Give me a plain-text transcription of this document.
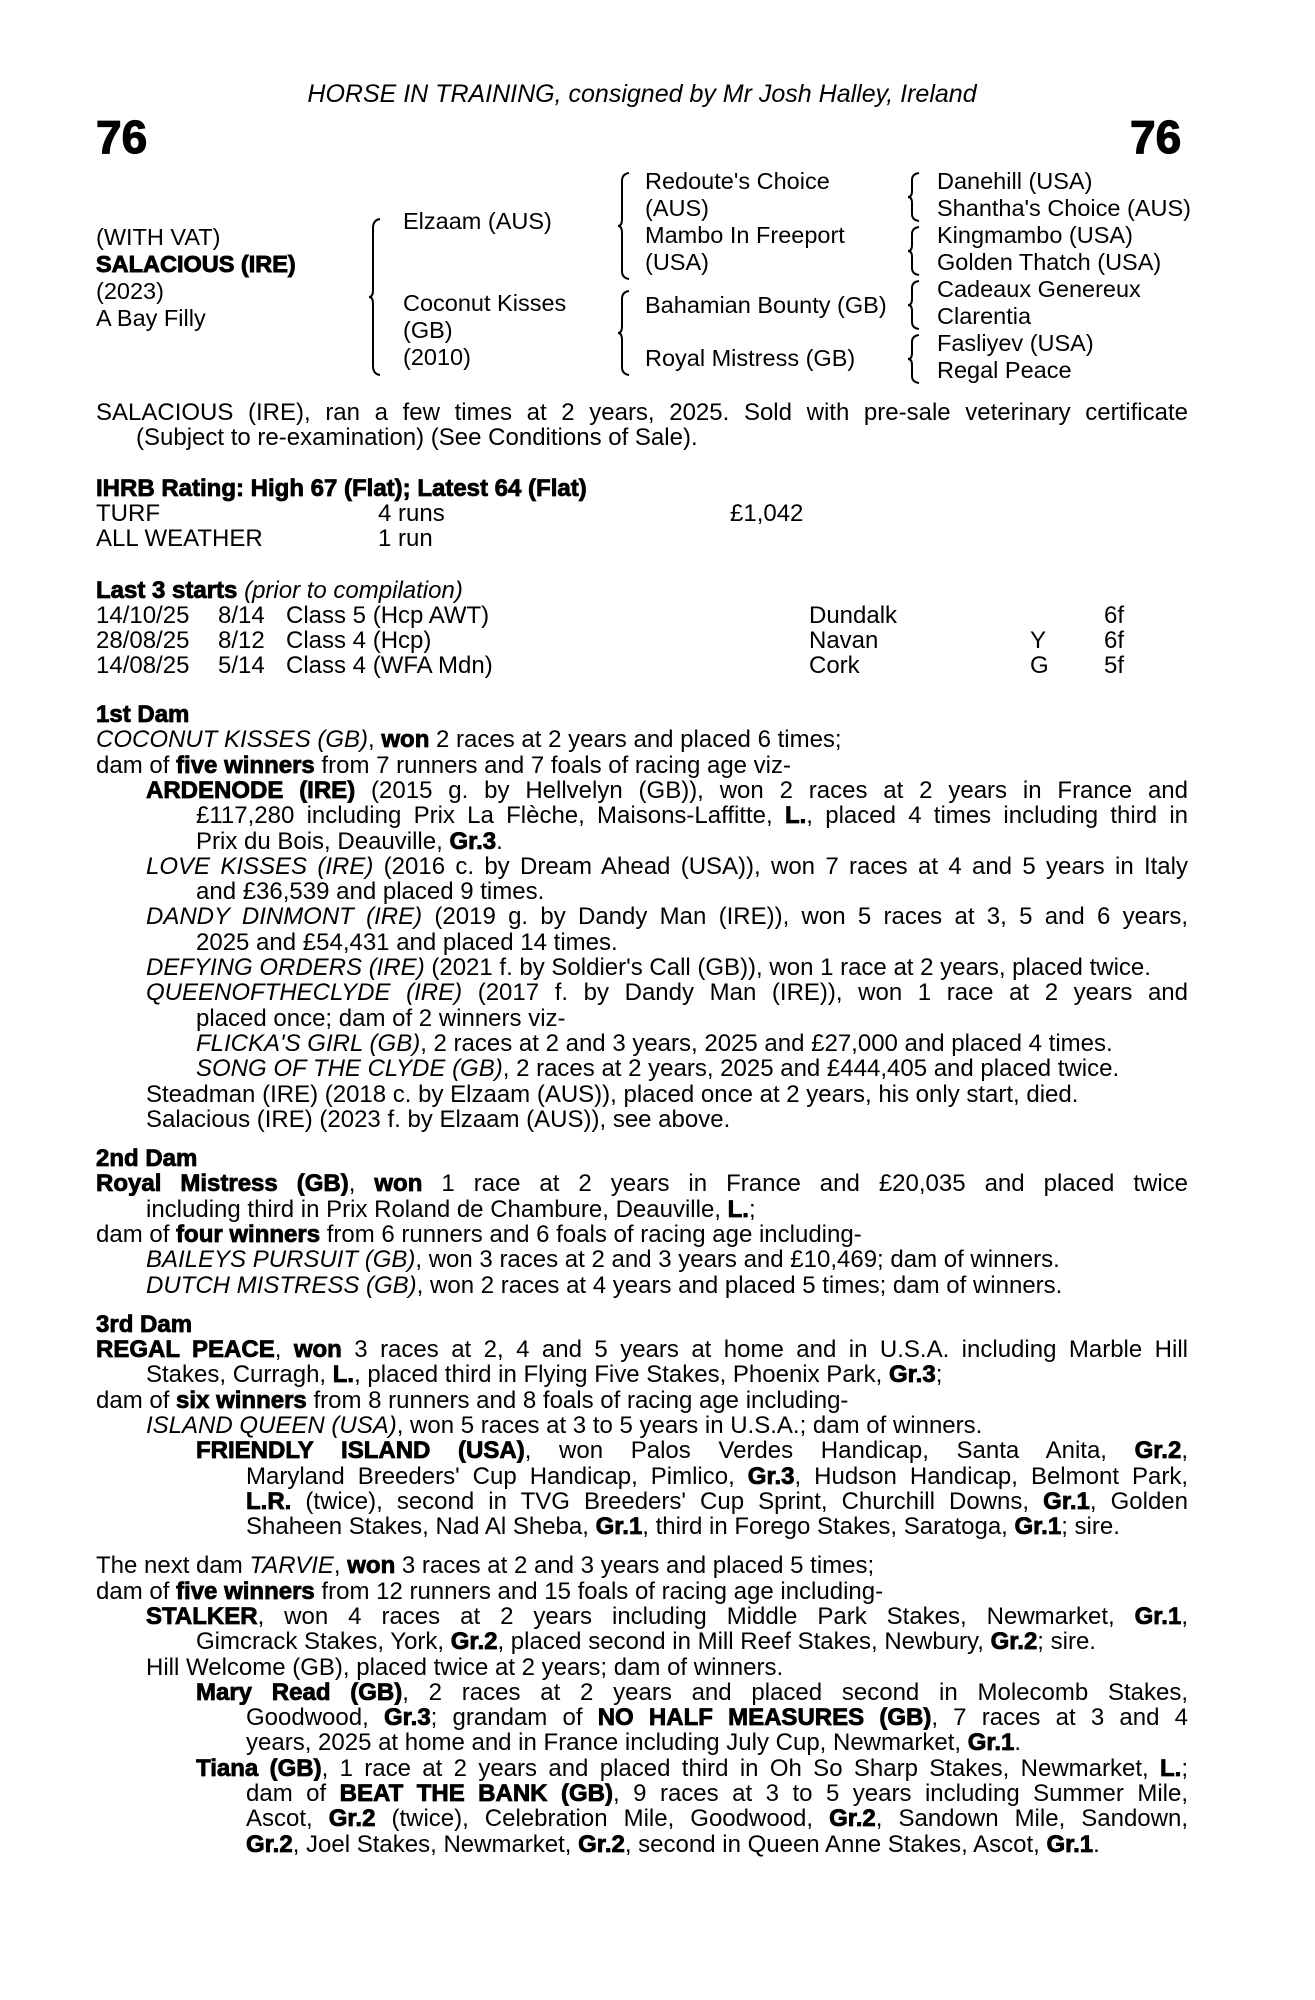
HORSE IN TRAINING, consigned by Mr Josh Halley, Ireland
76	76
(WITH VAT)
SALACIOUS (IRE)
(2023)
A Bay Filly
Elzaam (AUS)
Coconut Kisses
(GB)
(2010)
Redoute's Choice
(AUS)
Mambo In Freeport
(USA)
Bahamian Bounty (GB)
Royal Mistress (GB)
Danehill (USA)
Shantha's Choice (AUS)
Kingmambo (USA)
Golden Thatch (USA)
Cadeaux Genereux
Clarentia
Fasliyev (USA)
Regal Peace
SALACIOUS (IRE), ran a few times at 2 years, 2025. Sold with pre-sale veterinary certificate
(Subject to re-examination) (See Conditions of Sale).
IHRB Rating: High 67 (Flat); Latest 64 (Flat)
TURF	4 runs	£1,042
ALL WEATHER	1 run
Last 3 starts (prior to compilation)
14/10/25 8/14 Class 5 (Hcp AWT)	Dundalk	6f
28/08/25 8/12 Class 4 (Hcp)	Navan	Y 6f
14/08/25 5/14 Class 4 (WFA Mdn)	Cork	G 5f
1st Dam
COCONUT KISSES (GB), won 2 races at 2 years and placed 6 times;
dam of five winners from 7 runners and 7 foals of racing age viz-
ARDENODE (IRE) (2015 g. by Hellvelyn (GB)), won 2 races at 2 years in France and
£117,280 including Prix La Flèche, Maisons-Laffitte, L., placed 4 times including third in
Prix du Bois, Deauville, Gr.3.
LOVE KISSES (IRE) (2016 c. by Dream Ahead (USA)), won 7 races at 4 and 5 years in Italy
and £36,539 and placed 9 times.
DANDY DINMONT (IRE) (2019 g. by Dandy Man (IRE)), won 5 races at 3, 5 and 6 years,
2025 and £54,431 and placed 14 times.
DEFYING ORDERS (IRE) (2021 f. by Soldier's Call (GB)), won 1 race at 2 years, placed twice.
QUEENOFTHECLYDE (IRE) (2017 f. by Dandy Man (IRE)), won 1 race at 2 years and
placed once; dam of 2 winners viz-
FLICKA'S GIRL (GB), 2 races at 2 and 3 years, 2025 and £27,000 and placed 4 times.
SONG OF THE CLYDE (GB), 2 races at 2 years, 2025 and £444,405 and placed twice.
Steadman (IRE) (2018 c. by Elzaam (AUS)), placed once at 2 years, his only start, died.
Salacious (IRE) (2023 f. by Elzaam (AUS)), see above.
2nd Dam
Royal Mistress (GB), won 1 race at 2 years in France and £20,035 and placed twice
including third in Prix Roland de Chambure, Deauville, L.;
dam of four winners from 6 runners and 6 foals of racing age including-
BAILEYS PURSUIT (GB), won 3 races at 2 and 3 years and £10,469; dam of winners.
DUTCH MISTRESS (GB), won 2 races at 4 years and placed 5 times; dam of winners.
3rd Dam
REGAL PEACE, won 3 races at 2, 4 and 5 years at home and in U.S.A. including Marble Hill
Stakes, Curragh, L., placed third in Flying Five Stakes, Phoenix Park, Gr.3;
dam of six winners from 8 runners and 8 foals of racing age including-
ISLAND QUEEN (USA), won 5 races at 3 to 5 years in U.S.A.; dam of winners.
FRIENDLY ISLAND (USA), won Palos Verdes Handicap, Santa Anita, Gr.2,
Maryland Breeders' Cup Handicap, Pimlico, Gr.3, Hudson Handicap, Belmont Park,
L.R. (twice), second in TVG Breeders' Cup Sprint, Churchill Downs, Gr.1, Golden
Shaheen Stakes, Nad Al Sheba, Gr.1, third in Forego Stakes, Saratoga, Gr.1; sire.
The next dam TARVIE, won 3 races at 2 and 3 years and placed 5 times;
dam of five winners from 12 runners and 15 foals of racing age including-
STALKER, won 4 races at 2 years including Middle Park Stakes, Newmarket, Gr.1,
Gimcrack Stakes, York, Gr.2, placed second in Mill Reef Stakes, Newbury, Gr.2; sire.
Hill Welcome (GB), placed twice at 2 years; dam of winners.
Mary Read (GB), 2 races at 2 years and placed second in Molecomb Stakes,
Goodwood, Gr.3; grandam of NO HALF MEASURES (GB), 7 races at 3 and 4
years, 2025 at home and in France including July Cup, Newmarket, Gr.1.
Tiana (GB), 1 race at 2 years and placed third in Oh So Sharp Stakes, Newmarket, L.;
dam of BEAT THE BANK (GB), 9 races at 3 to 5 years including Summer Mile,
Ascot, Gr.2 (twice), Celebration Mile, Goodwood, Gr.2, Sandown Mile, Sandown,
Gr.2, Joel Stakes, Newmarket, Gr.2, second in Queen Anne Stakes, Ascot, Gr.1.
